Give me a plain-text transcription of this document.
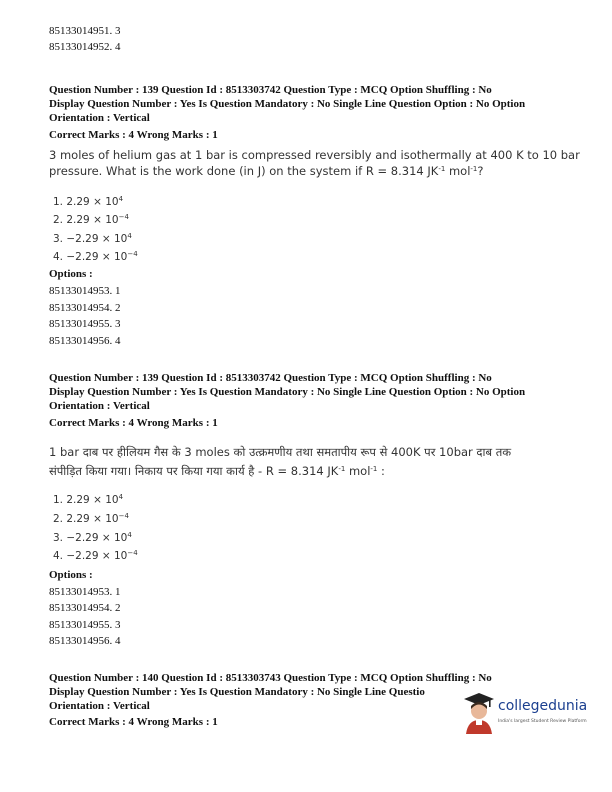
85133014951. 3
85133014952. 4
Question Number : 139 Question Id : 8513303742 Question Type : MCQ Option Shuffling : No
Display Question Number : Yes Is Question Mandatory : No Single Line Question Option : No Option
Orientation : Vertical
Correct Marks : 4 Wrong Marks : 1
3 moles of helium gas at 1 bar is compressed reversibly and isothermally at 400 K to 10 bar
pressure. What is the work done (in J) on the system if R = 8.314 $JK^{-1}$ mol$^{-1}$?
1. $2.29 \times 10^4$
2. $2.29 \times 10^{-4}$
3. $-2.29 \times 10^4$
4. $-2.29 \times 10^{-4}$
Options :
85133014953. 1
85133014954. 2
85133014955. 3
85133014956. 4
Question Number : 139 Question Id : 8513303742 Question Type : MCQ Option Shuffling : No
Display Question Number : Yes Is Question Mandatory : No Single Line Question Option : No Option
Orientation : Vertical
Correct Marks : 4 Wrong Marks : 1
1 bar दाब पर हीलियम गैस के 3 moles को उत्क्रमणीय तथा समतापीय रूप से 400K पर 10bar दाब तक
संपीड़ित किया गया। निकाय पर किया गया कार्य है - R = 8.314 $JK^{-1}$ mol$^{-1}$ :
1. $2.29 \times 10^4$
2. $2.29 \times 10^{-4}$
3. $-2.29 \times 10^4$
4. $-2.29 \times 10^{-4}$
Options :
85133014953. 1
85133014954. 2
85133014955. 3
85133014956. 4
Question Number : 140 Question Id : 8513303743 Question Type : MCQ Option Shuffling : No
Display Question Number : Yes Is Question Mandatory : No Single Line Questio
Orientation : Vertical
Correct Marks : 4 Wrong Marks : 1
collegedunia
India's largest Student Review Platform
